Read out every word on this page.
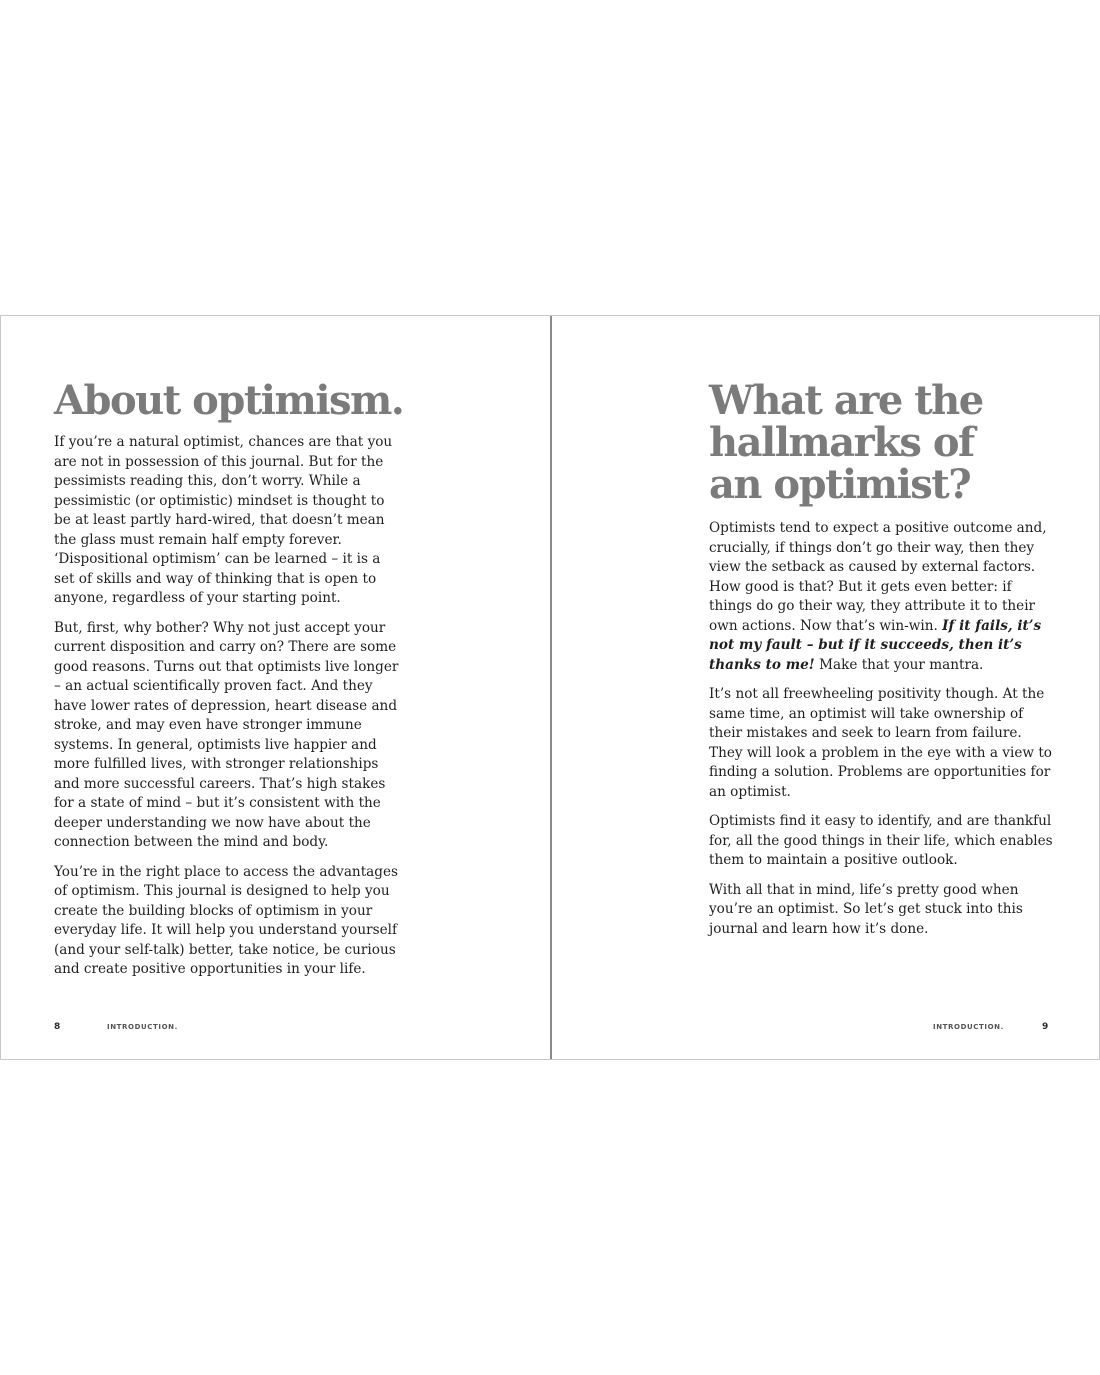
About optimism.

If you’re a natural optimist, chances are that you are not in possession of this journal. But for the pessimists reading this, don’t worry. While a pessimistic (or optimistic) mindset is thought to be at least partly hard-wired, that doesn’t mean the glass must remain half empty forever. ‘Dispositional optimism’ can be learned – it is a set of skills and way of thinking that is open to anyone, regardless of your starting point.

But, first, why bother? Why not just accept your current disposition and carry on? There are some good reasons. Turns out that optimists live longer – an actual scientifically proven fact. And they have lower rates of depression, heart disease and stroke, and may even have stronger immune systems. In general, optimists live happier and more fulfilled lives, with stronger relationships and more successful careers. That’s high stakes for a state of mind – but it’s consistent with the deeper understanding we now have about the connection between the mind and body.

You’re in the right place to access the advantages of optimism. This journal is designed to help you create the building blocks of optimism in your everyday life. It will help you understand yourself (and your self-talk) better, take notice, be curious and create positive opportunities in your life.

8	INTRODUCTION.
What are the
hallmarks of
an optimist?

Optimists tend to expect a positive outcome and, crucially, if things don’t go their way, then they view the setback as caused by external factors. How good is that? But it gets even better: if things do go their way, they attribute it to their own actions. Now that’s win-win. If it fails, it’s not my fault – but if it succeeds, then it’s thanks to me! Make that your mantra.

It’s not all freewheeling positivity though. At the same time, an optimist will take ownership of their mistakes and seek to learn from failure. They will look a problem in the eye with a view to finding a solution. Problems are opportunities for an optimist.

Optimists find it easy to identify, and are thankful for, all the good things in their life, which enables them to maintain a positive outlook.

With all that in mind, life’s pretty good when you’re an optimist. So let’s get stuck into this journal and learn how it’s done.

INTRODUCTION.	9
